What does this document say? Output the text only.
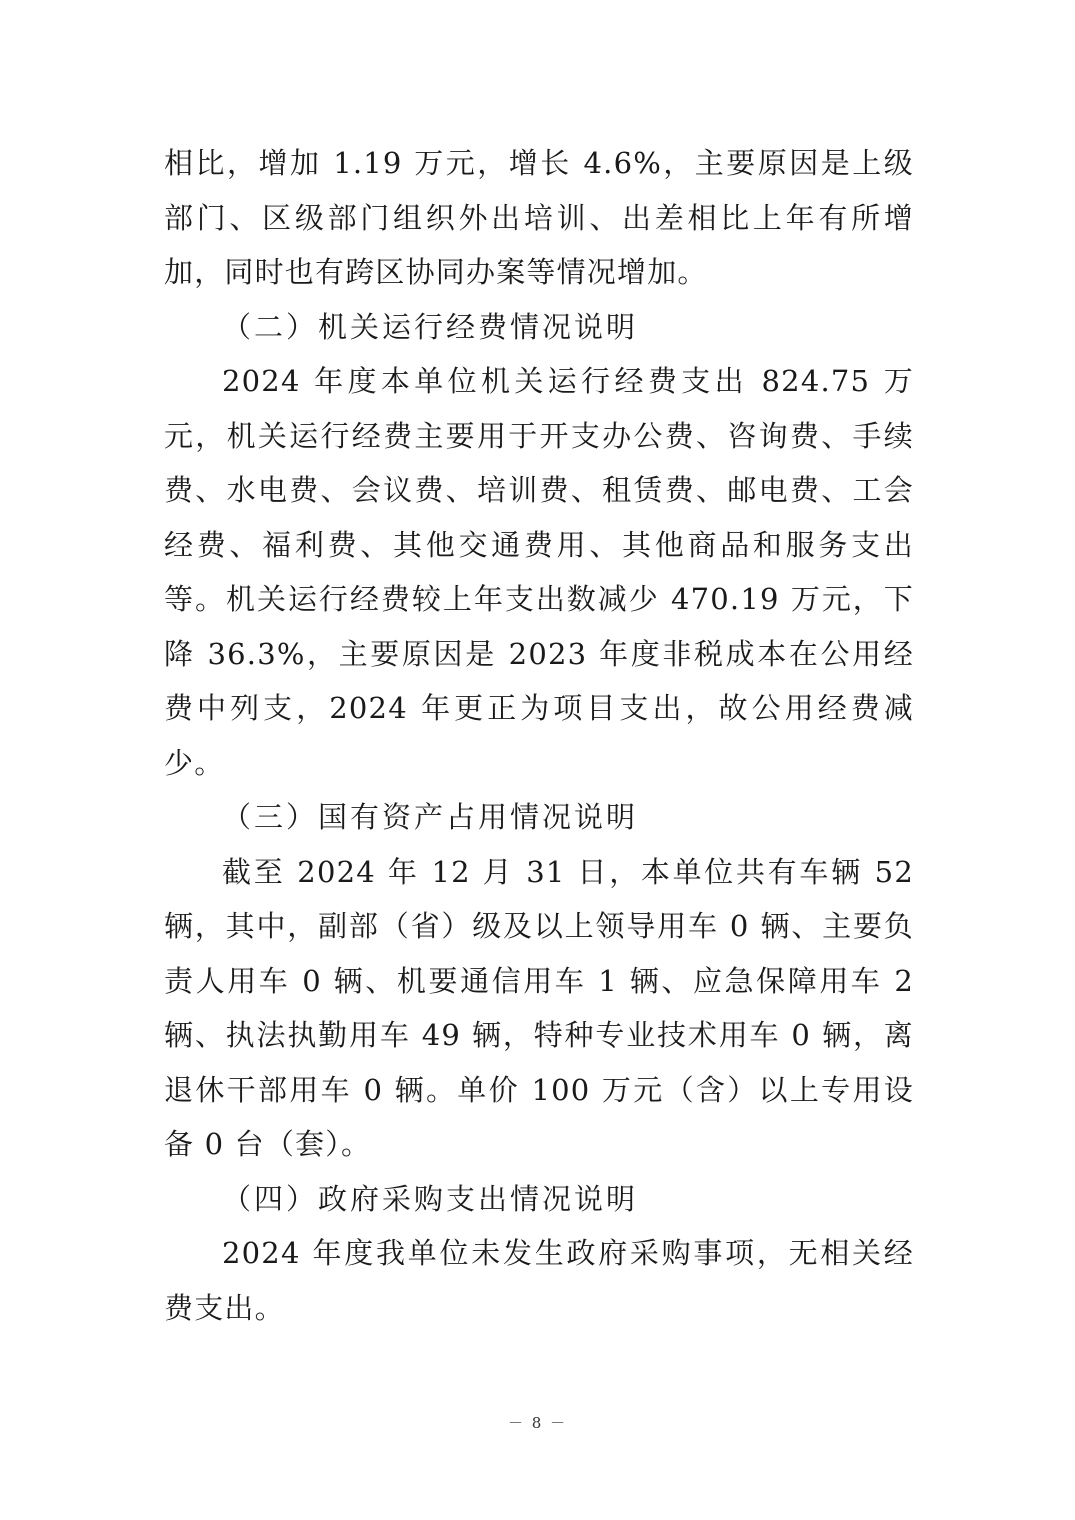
相比，增加 1.19 万元，增长 4.6%，主要原因是上级部门、区级部门组织外出培训、出差相比上年有所增加，同时也有跨区协同办案等情况增加。

（二）机关运行经费情况说明

2024 年度本单位机关运行经费支出 824.75 万元，机关运行经费主要用于开支办公费、咨询费、手续费、水电费、会议费、培训费、租赁费、邮电费、工会经费、福利费、其他交通费用、其他商品和服务支出等。机关运行经费较上年支出数减少 470.19 万元，下降 36.3%，主要原因是 2023 年度非税成本在公用经费中列支，2024 年更正为项目支出，故公用经费减少。

（三）国有资产占用情况说明

截至 2024 年 12 月 31 日，本单位共有车辆 52 辆，其中，副部（省）级及以上领导用车 0 辆、主要负责人用车 0 辆、机要通信用车 1 辆、应急保障用车 2 辆、执法执勤用车 49 辆，特种专业技术用车 0 辆，离退休干部用车 0 辆。单价 100 万元（含）以上专用设备 0 台（套）。

（四）政府采购支出情况说明

2024 年度我单位未发生政府采购事项，无相关经费支出。

－ 8 －
